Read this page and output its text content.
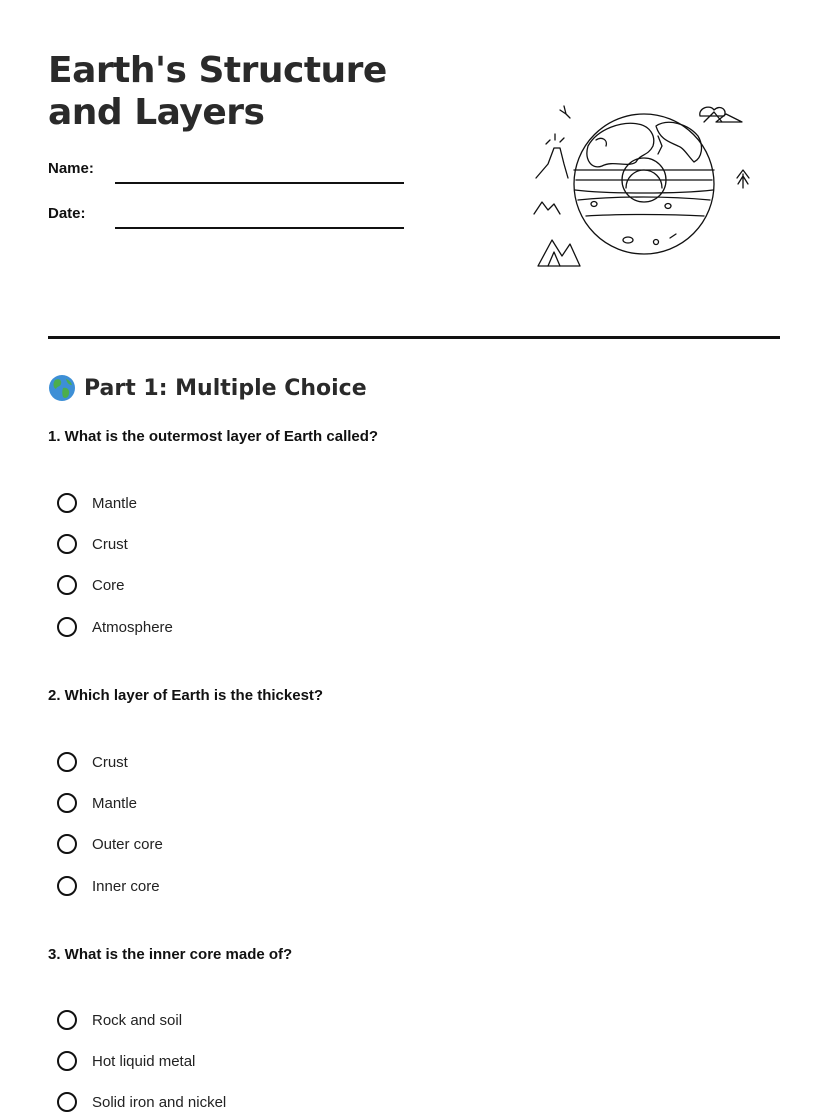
Earth's Structure and Layers
Name:
Date:
Part 1: Multiple Choice

1. What is the outermost layer of Earth called?

Mantle
Crust
Core
Atmosphere

2. Which layer of Earth is the thickest?

Crust
Mantle
Outer core
Inner core

3. What is the inner core made of?

Rock and soil
Hot liquid metal
Solid iron and nickel
